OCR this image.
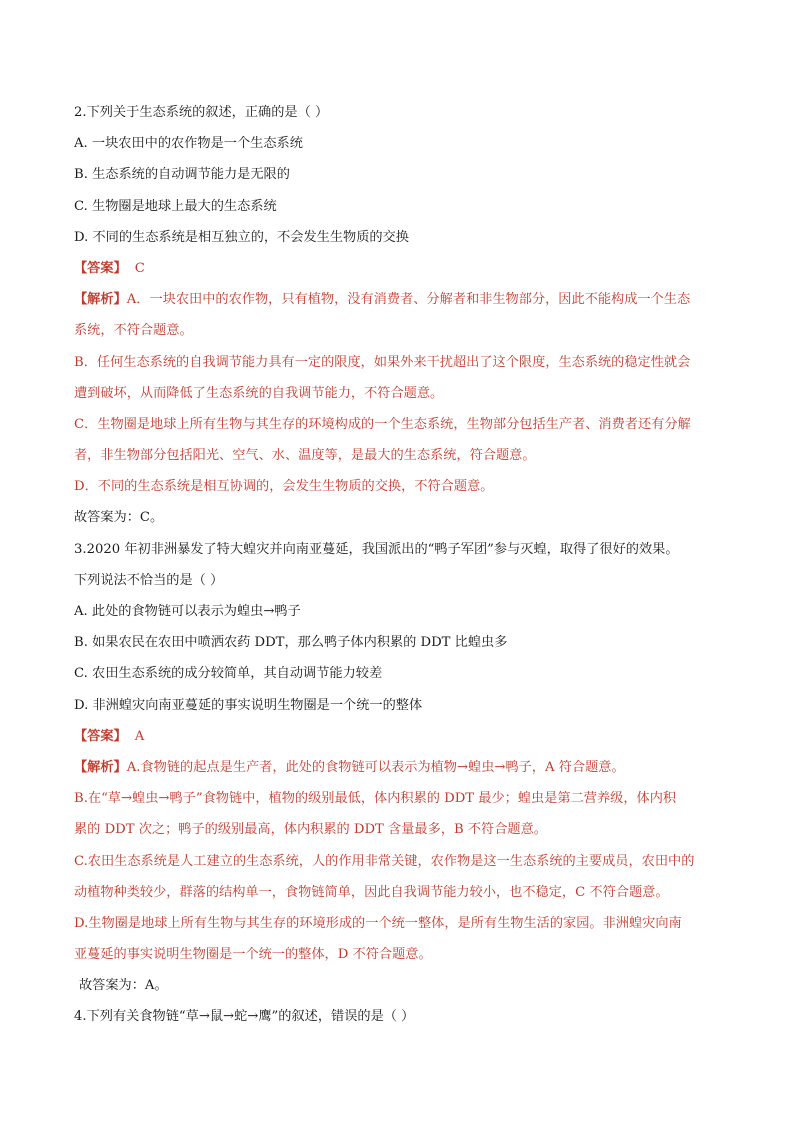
2.下列关于生态系统的叙述，正确的是（ ）
A. 一块农田中的农作物是一个生态系统
B. 生态系统的自动调节能力是无限的
C. 生物圈是地球上最大的生态系统
D. 不同的生态系统是相互独立的，不会发生生物质的交换
【答案】 C
【解析】A．一块农田中的农作物，只有植物，没有消费者、分解者和非生物部分，因此不能构成一个生态
系统，不符合题意。
B．任何生态系统的自我调节能力具有一定的限度，如果外来干扰超出了这个限度，生态系统的稳定性就会
遭到破坏，从而降低了生态系统的自我调节能力，不符合题意。
C．生物圈是地球上所有生物与其生存的环境构成的一个生态系统，生物部分包括生产者、消费者还有分解
者，非生物部分包括阳光、空气、水、温度等，是最大的生态系统，符合题意。
D．不同的生态系统是相互协调的，会发生生物质的交换，不符合题意。
故答案为：C。
3.2020 年初非洲暴发了特大蝗灾并向南亚蔓延，我国派出的“鸭子军团”参与灭蝗，取得了很好的效果。
下列说法不恰当的是（ ）
A. 此处的食物链可以表示为蝗虫→鸭子
B. 如果农民在农田中喷洒农药 DDT，那么鸭子体内积累的 DDT 比蝗虫多
C. 农田生态系统的成分较简单，其自动调节能力较差
D. 非洲蝗灾向南亚蔓延的事实说明生物圈是一个统一的整体
【答案】 A
【解析】A.食物链的起点是生产者，此处的食物链可以表示为植物→蝗虫→鸭子，A 符合题意。
B.在“草→蝗虫→鸭子”食物链中，植物的级别最低，体内积累的 DDT 最少；蝗虫是第二营养级，体内积
累的 DDT 次之；鸭子的级别最高，体内积累的 DDT 含量最多，B 不符合题意。
C.农田生态系统是人工建立的生态系统，人的作用非常关键，农作物是这一生态系统的主要成员，农田中的
动植物种类较少，群落的结构单一，食物链简单，因此自我调节能力较小，也不稳定，C 不符合题意。
D.生物圈是地球上所有生物与其生存的环境形成的一个统一整体，是所有生物生活的家园。非洲蝗灾向南
亚蔓延的事实说明生物圈是一个统一的整体，D 不符合题意。
故答案为：A。
4.下列有关食物链“草→鼠→蛇→鹰”的叙述，错误的是（ ）
